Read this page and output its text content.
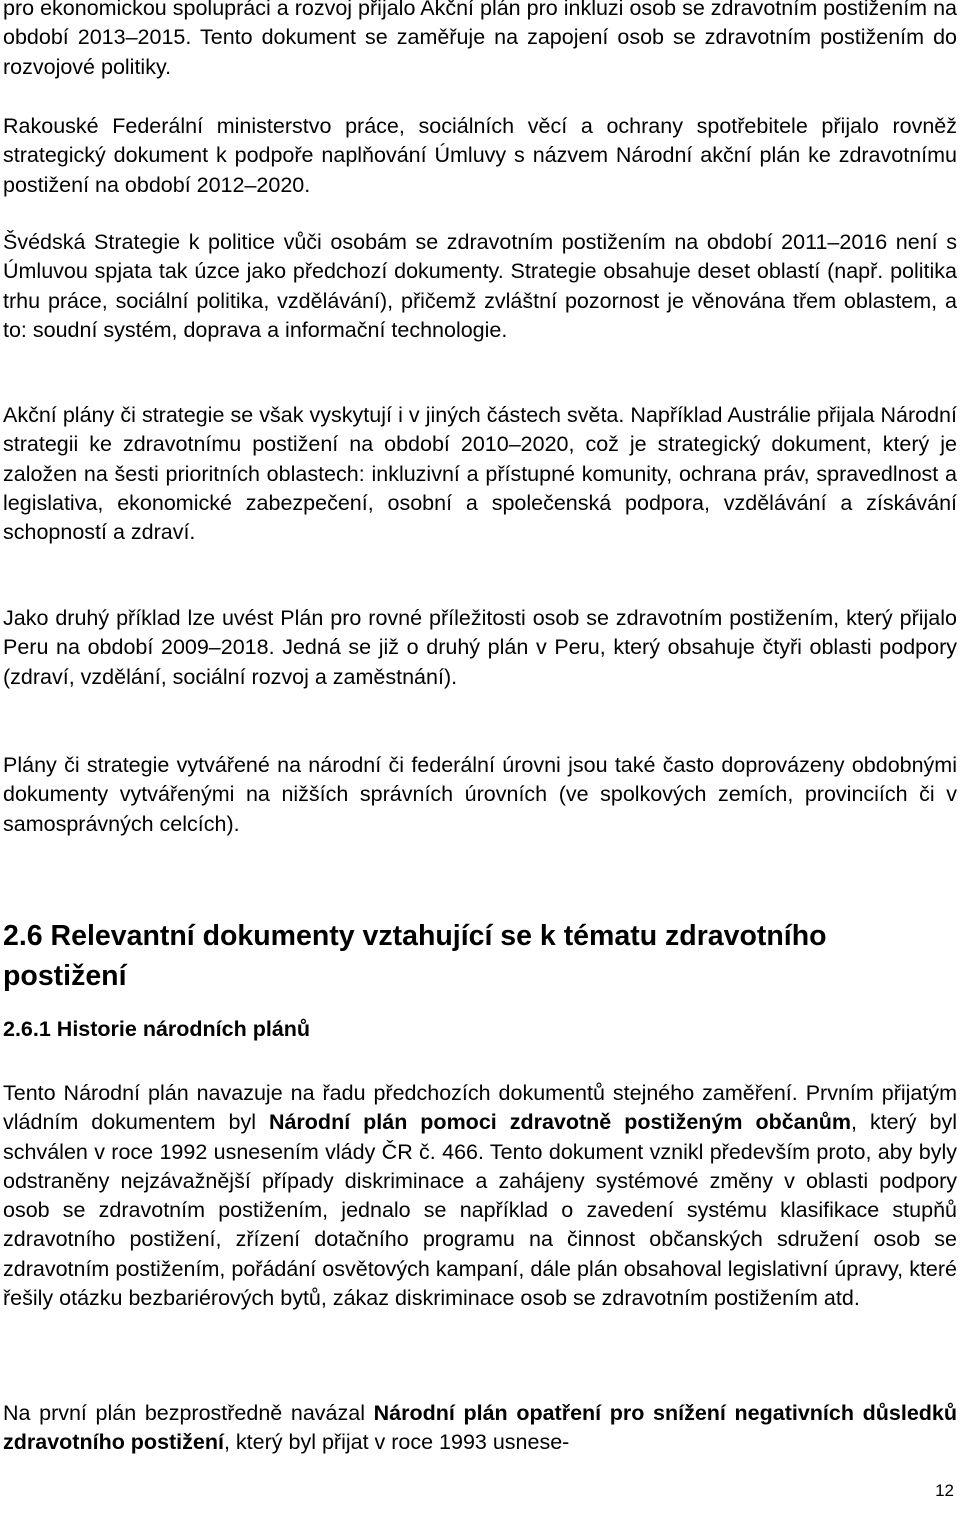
pro ekonomickou spolupráci a rozvoj přijalo Akční plán pro inkluzi osob se zdravotním postižením na období 2013–2015. Tento dokument se zaměřuje na zapojení osob se zdravotním postižením do rozvojové politiky.

Rakouské Federální ministerstvo práce, sociálních věcí a ochrany spotřebitele přijalo rovněž strategický dokument k podpoře naplňování Úmluvy s názvem Národní akční plán ke zdravotnímu postižení na období 2012–2020.

Švédská Strategie k politice vůči osobám se zdravotním postižením na období 2011–2016 není s Úmluvou spjata tak úzce jako předchozí dokumenty. Strategie obsahuje deset oblastí (např. politika trhu práce, sociální politika, vzdělávání), přičemž zvláštní pozornost je věnována třem oblastem, a to: soudní systém, doprava a informační technologie.

Akční plány či strategie se však vyskytují i v jiných částech světa. Například Austrálie přijala Národní strategii ke zdravotnímu postižení na období 2010–2020, což je strategický dokument, který je založen na šesti prioritních oblastech: inkluzivní a přístupné komunity, ochrana práv, spravedlnost a legislativa, ekonomické zabezpečení, osobní a společenská podpora, vzdělávání a získávání schopností a zdraví.

Jako druhý příklad lze uvést Plán pro rovné příležitosti osob se zdravotním postižením, který přijalo Peru na období 2009–2018. Jedná se již o druhý plán v Peru, který obsahuje čtyři oblasti podpory (zdraví, vzdělání, sociální rozvoj a zaměstnání).

Plány či strategie vytvářené na národní či federální úrovni jsou také často doprovázeny obdobnými dokumenty vytvářenými na nižších správních úrovních (ve spolkových zemích, provinciích či v samosprávných celcích).

2.6 Relevantní dokumenty vztahující se k tématu zdravotního postižení
2.6.1 Historie národních plánů

Tento Národní plán navazuje na řadu předchozích dokumentů stejného zaměření. Prvním přijatým vládním dokumentem byl Národní plán pomoci zdravotně postiženým občanům, který byl schválen v roce 1992 usnesením vlády ČR č. 466. Tento dokument vznikl především proto, aby byly odstraněny nejzávažnější případy diskriminace a zahájeny systémové změny v oblasti podpory osob se zdravotním postižením, jednalo se například o zavedení systému klasifikace stupňů zdravotního postižení, zřízení dotačního programu na činnost občanských sdružení osob se zdravotním postižením, pořádání osvětových kampaní, dále plán obsahoval legislativní úpravy, které řešily otázku bezbariérových bytů, zákaz diskriminace osob se zdravotním postižením atd.

Na první plán bezprostředně navázal Národní plán opatření pro snížení negativních důsledků zdravotního postižení, který byl přijat v roce 1993 usnese-

12
